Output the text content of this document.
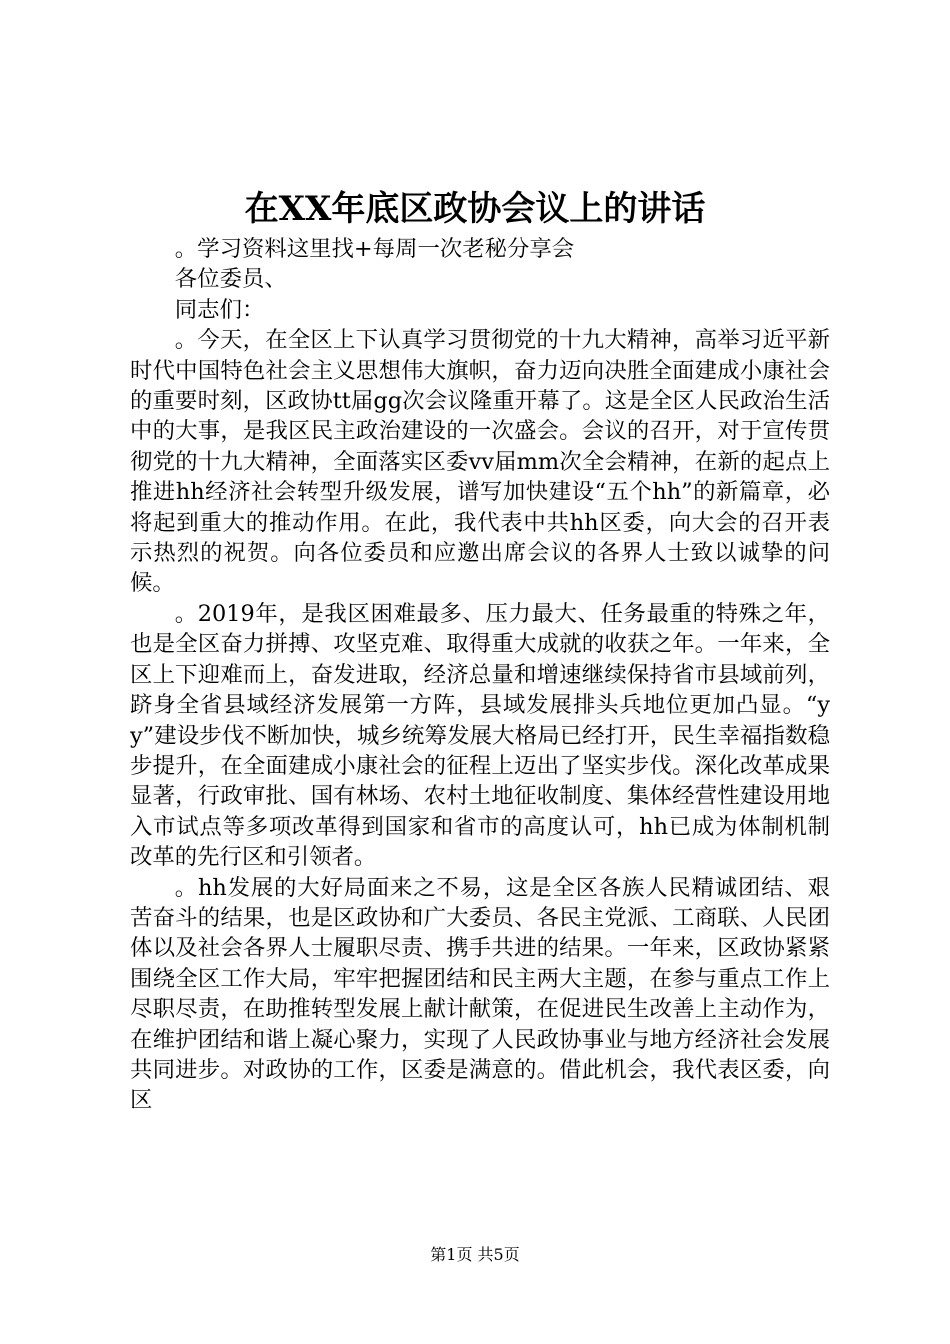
在XX年底区政协会议上的讲话

。学习资料这里找+每周一次老秘分享会

各位委员、

同志们：

。今天，在全区上下认真学习贯彻党的十九大精神，高举习近平新时代中国特色社会主义思想伟大旗帜，奋力迈向决胜全面建成小康社会的重要时刻，区政协tt届gg次会议隆重开幕了。这是全区人民政治生活中的大事，是我区民主政治建设的一次盛会。会议的召开，对于宣传贯彻党的十九大精神，全面落实区委vv届mm次全会精神，在新的起点上推进hh经济社会转型升级发展，谱写加快建设“五个hh”的新篇章，必将起到重大的推动作用。在此，我代表中共hh区委，向大会的召开表示热烈的祝贺。向各位委员和应邀出席会议的各界人士致以诚挚的问候。

。2019年，是我区困难最多、压力最大、任务最重的特殊之年，也是全区奋力拼搏、攻坚克难、取得重大成就的收获之年。一年来，全区上下迎难而上，奋发进取，经济总量和增速继续保持省市县域前列，跻身全省县域经济发展第一方阵，县域发展排头兵地位更加凸显。“yy”建设步伐不断加快，城乡统筹发展大格局已经打开，民生幸福指数稳步提升，在全面建成小康社会的征程上迈出了坚实步伐。深化改革成果显著，行政审批、国有林场、农村土地征收制度、集体经营性建设用地入市试点等多项改革得到国家和省市的高度认可，hh已成为体制机制改革的先行区和引领者。

。hh发展的大好局面来之不易，这是全区各族人民精诚团结、艰苦奋斗的结果，也是区政协和广大委员、各民主党派、工商联、人民团体以及社会各界人士履职尽责、携手共进的结果。一年来，区政协紧紧围绕全区工作大局，牢牢把握团结和民主两大主题，在参与重点工作上尽职尽责，在助推转型发展上献计献策，在促进民生改善上主动作为，在维护团结和谐上凝心聚力，实现了人民政协事业与地方经济社会发展共同进步。对政协的工作，区委是满意的。借此机会，我代表区委，向区

第1页 共5页
